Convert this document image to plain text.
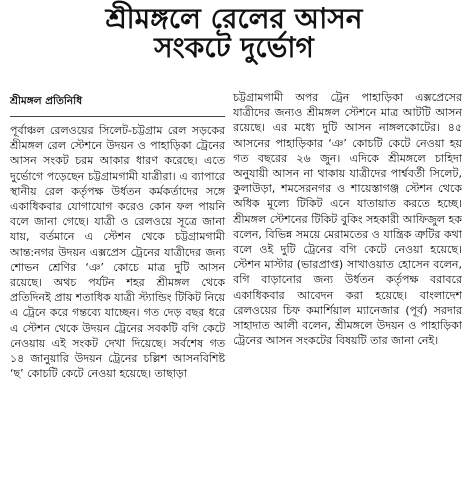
শ্রীমঙ্গলে রেলের আসন
সংকটে দুর্ভোগ
শ্রীমঙ্গল প্রতিনিধি

পূর্বাঞ্চল রেলওয়ের সিলেট-চট্টগ্রাম রেল সড়কের শ্রীমঙ্গল রেল স্টেশনে উদয়ন ও পাহাড়িকা ট্রেনের আসন সংকট চরম আকার ধারণ করেছে। এতে দুর্ভোগে পড়েছেন চট্টগ্রামগামী যাত্রীরা। এ ব্যাপারে স্থানীয় রেল কর্তৃপক্ষ উর্ধতন কর্মকর্তাদের সঙ্গে একাধিকবার যোগাযোগ করেও কোন ফল পায়নি বলে জানা গেছে। যাত্রী ও রেলওয়ে সূত্রে জানা যায়, বর্তমানে এ স্টেশন থেকে চট্টগ্রামগামী আন্ত:নগর উদয়ন এক্সপ্রেস ট্রেনের যাত্রীদের জন্য শোভন শ্রেণির ‘ঞ’ কোচে মাত্র দুটি আসন রয়েছে। অথচ পর্যটন শহর শ্রীমঙ্গল থেকে প্রতিদিনই প্রায় শতাধিক যাত্রী স্ট্যান্ডিং টিকিট নিয়ে এ ট্রেনে করে গন্তব্যে যাচ্ছেন। গত দেড় বছর ধরে এ স্টেশন থেকে উদয়ন ট্রেনের সবকটি বগি কেটে নেওয়ায় এই সংকট দেখা দিয়েছে। সর্বশেষ গত ১৪ জানুয়ারি উদয়ন ট্রেনের চল্লিশ আসনবিশিষ্ট ‘ছ’ কোচটি কেটে নেওয়া হয়েছে। তাছাড়া

চট্টগ্রামগামী অপর ট্রেন পাহাড়িকা এক্সপ্রেসের যাত্রীদের জন্যও শ্রীমঙ্গল স্টেশনে মাত্র আটটি আসন রয়েছে। এর মধ্যে দুটি আসন নাঙ্গলকোটের। ৪৫ আসনের পাহাড়িকার ‘ঞ’ কোচটি কেটে নেওয়া হয় গত বছরের ২৬ জুন। এদিকে শ্রীমঙ্গলে চাহিদা অনুযায়ী আসন না থাকায় যাত্রীদের পার্শ্ববর্তী সিলেট, কুলাউড়া, শমসেরনগর ও শায়েস্তাগঞ্জ স্টেশন থেকে অধিক মূল্যে টিকিট এনে যাতায়াত করতে হচ্ছে। শ্রীমঙ্গল স্টেশনের টিকিট বুকিং সহকারী আফিজুল হক বলেন, বিভিন্ন সময়ে মেরামতের ও যান্ত্রিক ত্রুটির কথা বলে ওই দুটি ট্রেনের বগি কেটে নেওয়া হয়েছে। স্টেশন মাস্টার (ভারপ্রাপ্ত) সাখাওয়াত হোসেন বলেন, বগি বাড়ানোর জন্য উর্ধতন কর্তৃপক্ষ বরাবরে একাধিকবার আবেদন করা হয়েছে। বাংলাদেশ রেলওয়ের চিফ কমার্শিয়াল ম্যানেজার (পূর্ব) সরদার সাহাদাত আলী বলেন, শ্রীমঙ্গলে উদয়ন ও পাহাড়িকা ট্রেনের আসন সংকটের বিষয়টি তার জানা নেই।
